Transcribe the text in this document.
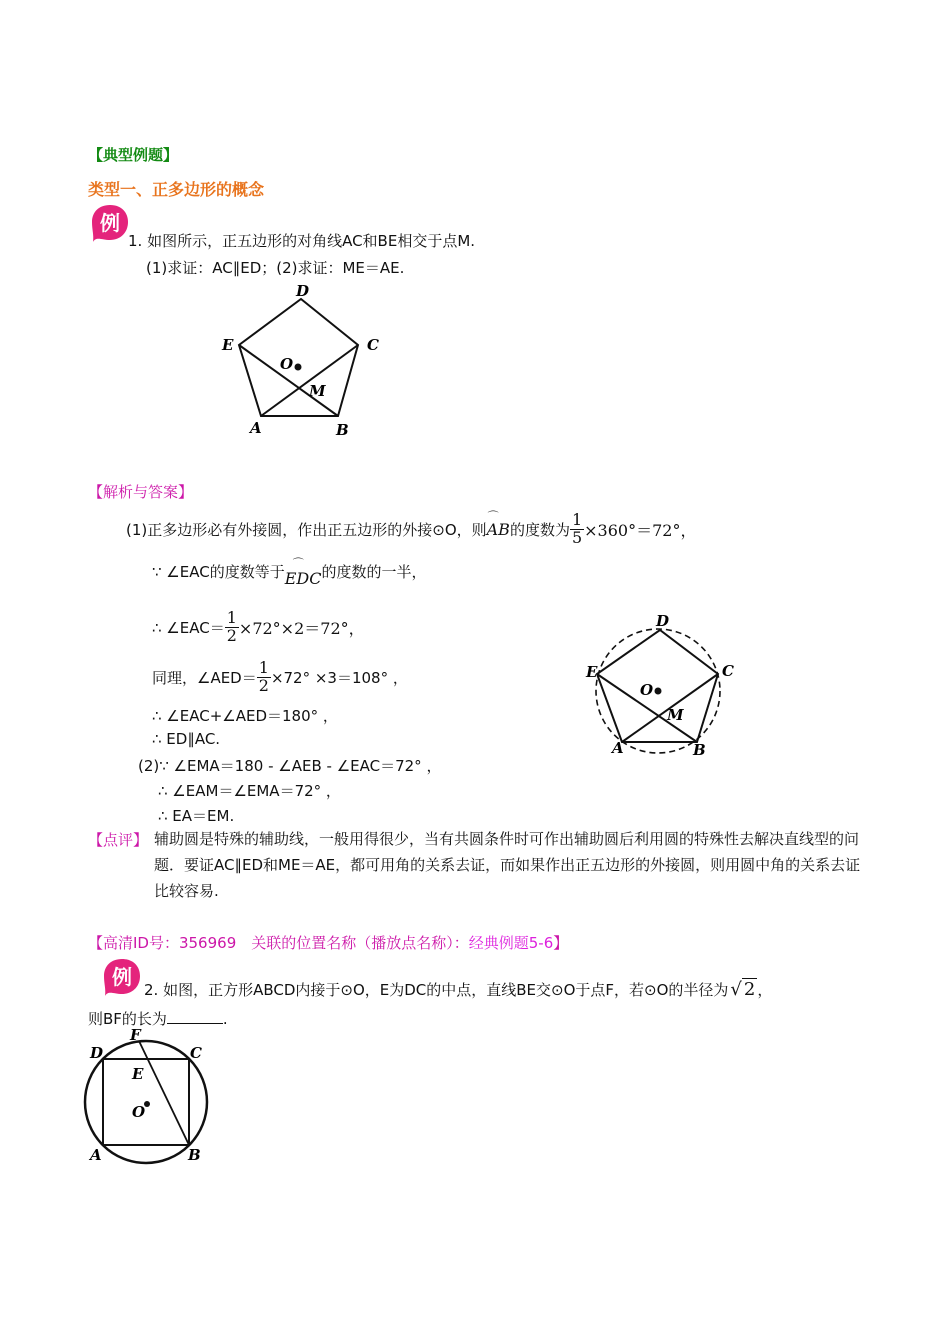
【典型例题】
类型一、正多边形的概念
例
1. 如图所示，正五边形的对角线AC和BE相交于点M.
(1)求证：AC∥ED；(2)求证：ME＝AE.
D
E	C
O
M
A	B
【解析与答案】
(1)正多边形必有外接圆，作出正五边形的外接⊙O，则
⌒
AB 的度数为 $\frac{1}{5} \times 360^\circ=72^\circ$，
∵ ∠EAC的度数等于 ⌒
EDC 的度数的一半，
∴ ∠EAC＝ $\frac{1}{2} \times 72^\circ\times 2=72^\circ$，
同理，∠AED＝ $\frac{1}{2} \times 72^\circ \times 3=108^\circ$ ，
∴ ∠EAC+∠AED＝180° ，
∴ ED∥AC.
(2)∵ ∠EMA＝180 - ∠AEB - ∠EAC＝72° ，
∴ ∠EAM＝∠EMA＝72° ，
∴ EA＝EM.
D
E	C
O
M
A	B
【点评】 辅助圆是特殊的辅助线，一般用得很少，当有共圆条件时可作出辅助圆后利用圆的特殊性去解决直线型的问题．要证AC∥ED和ME＝AE，都可用角的关系去证，而如果作出正五边形的外接圆，则用圆中角的关系去证比较容易.
【高清ID号：356969　关联的位置名称（播放点名称）：经典例题5-6】
例
2. 如图，正方形ABCD内接于⊙O，E为DC的中点，直线BE交⊙O于点F，若⊙O的半径为 √ 2 ，
则BF的长为	.
D	C
F
E
O
A	B
